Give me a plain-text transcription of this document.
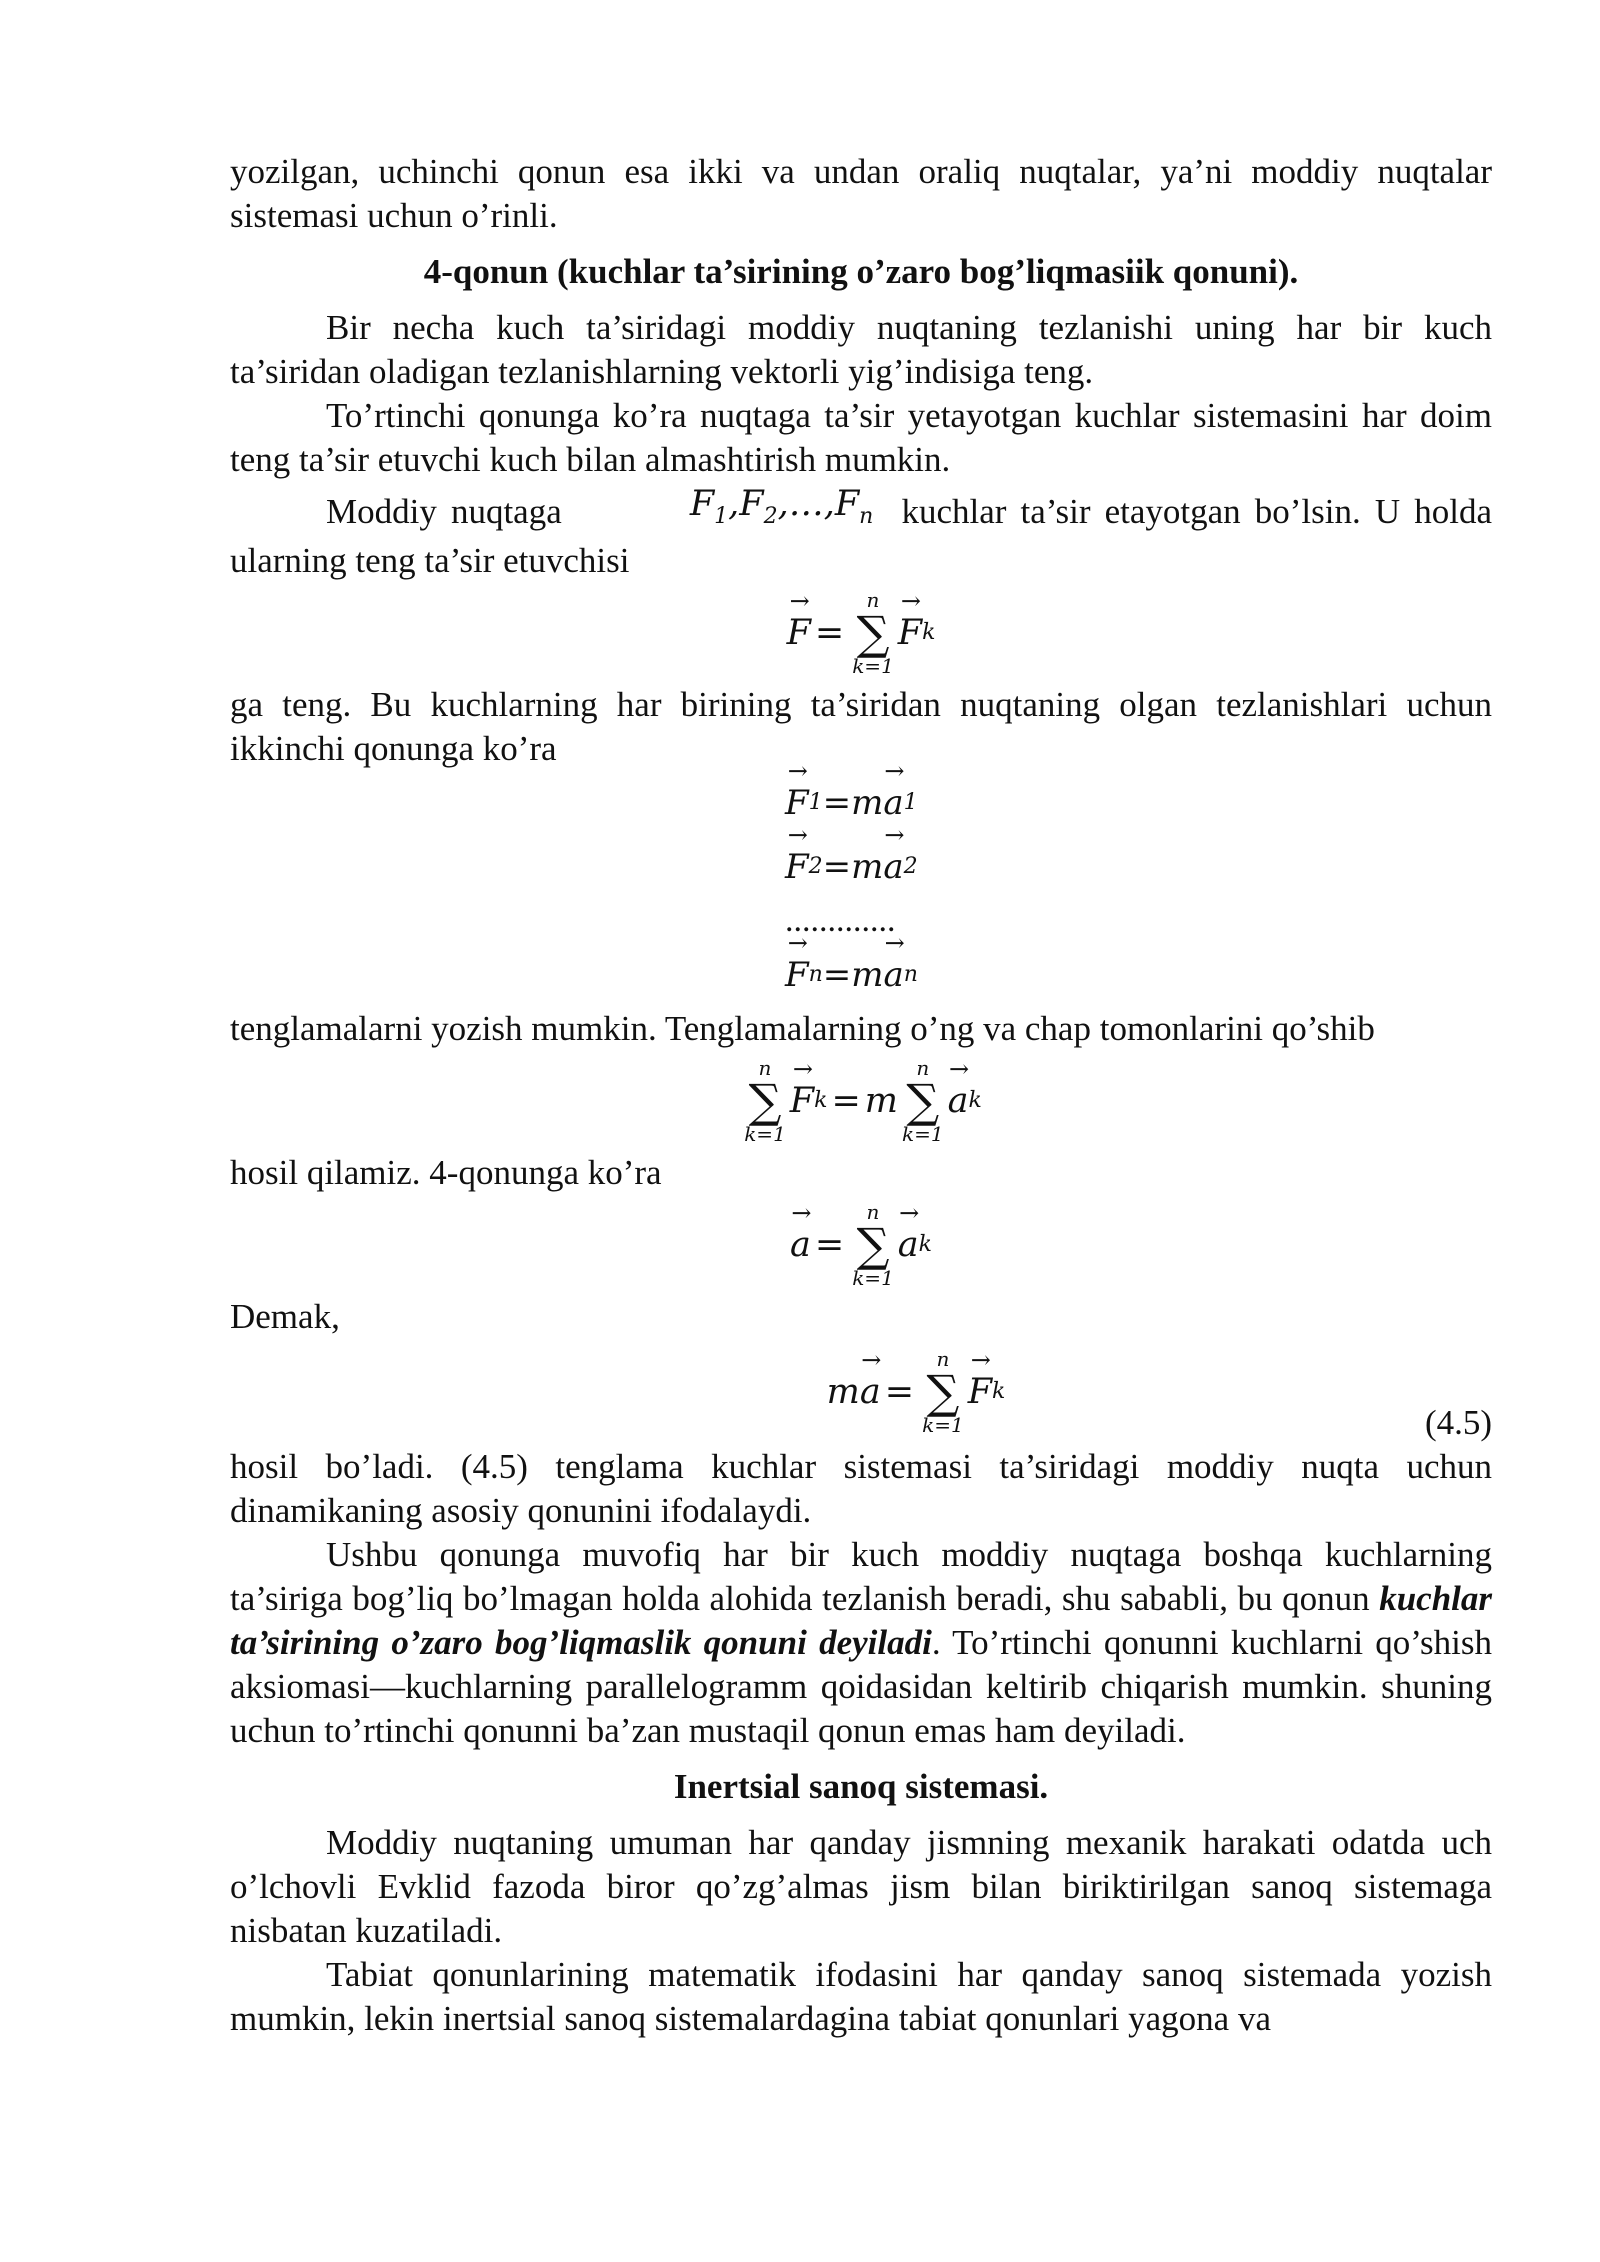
yozilgan, uchinchi qonun esa ikki va undan oraliq nuqtalar, ya’ni moddiy nuqtalar sistemasi uchun o’rinli.

4-qonun (kuchlar ta’sirining o’zaro bog’liqmasiik qonuni).

Bir necha kuch ta’siridagi moddiy nuqtaning tezlanishi uning har bir kuch ta’siridan oladigan tezlanishlarning vektorli yig’indisiga teng.

To’rtinchi qonunga ko’ra nuqtaga ta’sir yetayotgan kuchlar sistemasini har doim teng ta’sir etuvchi kuch bilan almashtirish mumkin.

Moddiy nuqtaga	$F_1,F_2,\dots,F_n$ kuchlar ta’sir etayotgan bo’lsin. U holda ularning teng ta’sir etuvchisi

→ F =
n
∑
k=1
→ F k

ga teng. Bu kuchlarning har birining ta’siridan nuqtaning olgan tezlanishlari uchun ikkinchi qonunga ko’ra

→ F 1 = m → a 1
→ F 2 = m → a 2
.............
→ F n = m → a n

tenglamalarni yozish mumkin. Tenglamalarning o’ng va chap tomonlarini qo’shib

n
∑
k=1
→ F k = m
n
∑
k=1
→ a k

hosil qilamiz. 4-qonunga ko’ra

→ a =
n
∑
k=1
→ a k

Demak,

m → a =
n
∑
k=1
→ F k
(4.5)

hosil bo’ladi. (4.5) tenglama kuchlar sistemasi ta’siridagi moddiy nuqta uchun dinamikaning asosiy qonunini ifodalaydi.

Ushbu qonunga muvofiq har bir kuch moddiy nuqtaga boshqa kuchlarning ta’siriga bog’liq bo’lmagan holda alohida tezlanish beradi, shu sababli, bu qonun kuchlar ta’sirining o’zaro bog’liqmaslik qonuni deyiladi. To’rtinchi qonunni kuchlarni qo’shish aksiomasi—kuchlarning parallelogramm qoidasidan keltirib chiqarish mumkin. shuning uchun to’rtinchi qonunni ba’zan mustaqil qonun emas ham deyiladi.

Inertsial sanoq sistemasi.

Moddiy nuqtaning umuman har qanday jismning mexanik harakati odatda uch o’lchovli Evklid fazoda biror qo’zg’almas jism bilan biriktirilgan sanoq sistemaga nisbatan kuzatiladi.

Tabiat qonunlarining matematik ifodasini har qanday sanoq sistemada yozish mumkin, lekin inertsial sanoq sistemalardagina tabiat qonunlari yagona va
